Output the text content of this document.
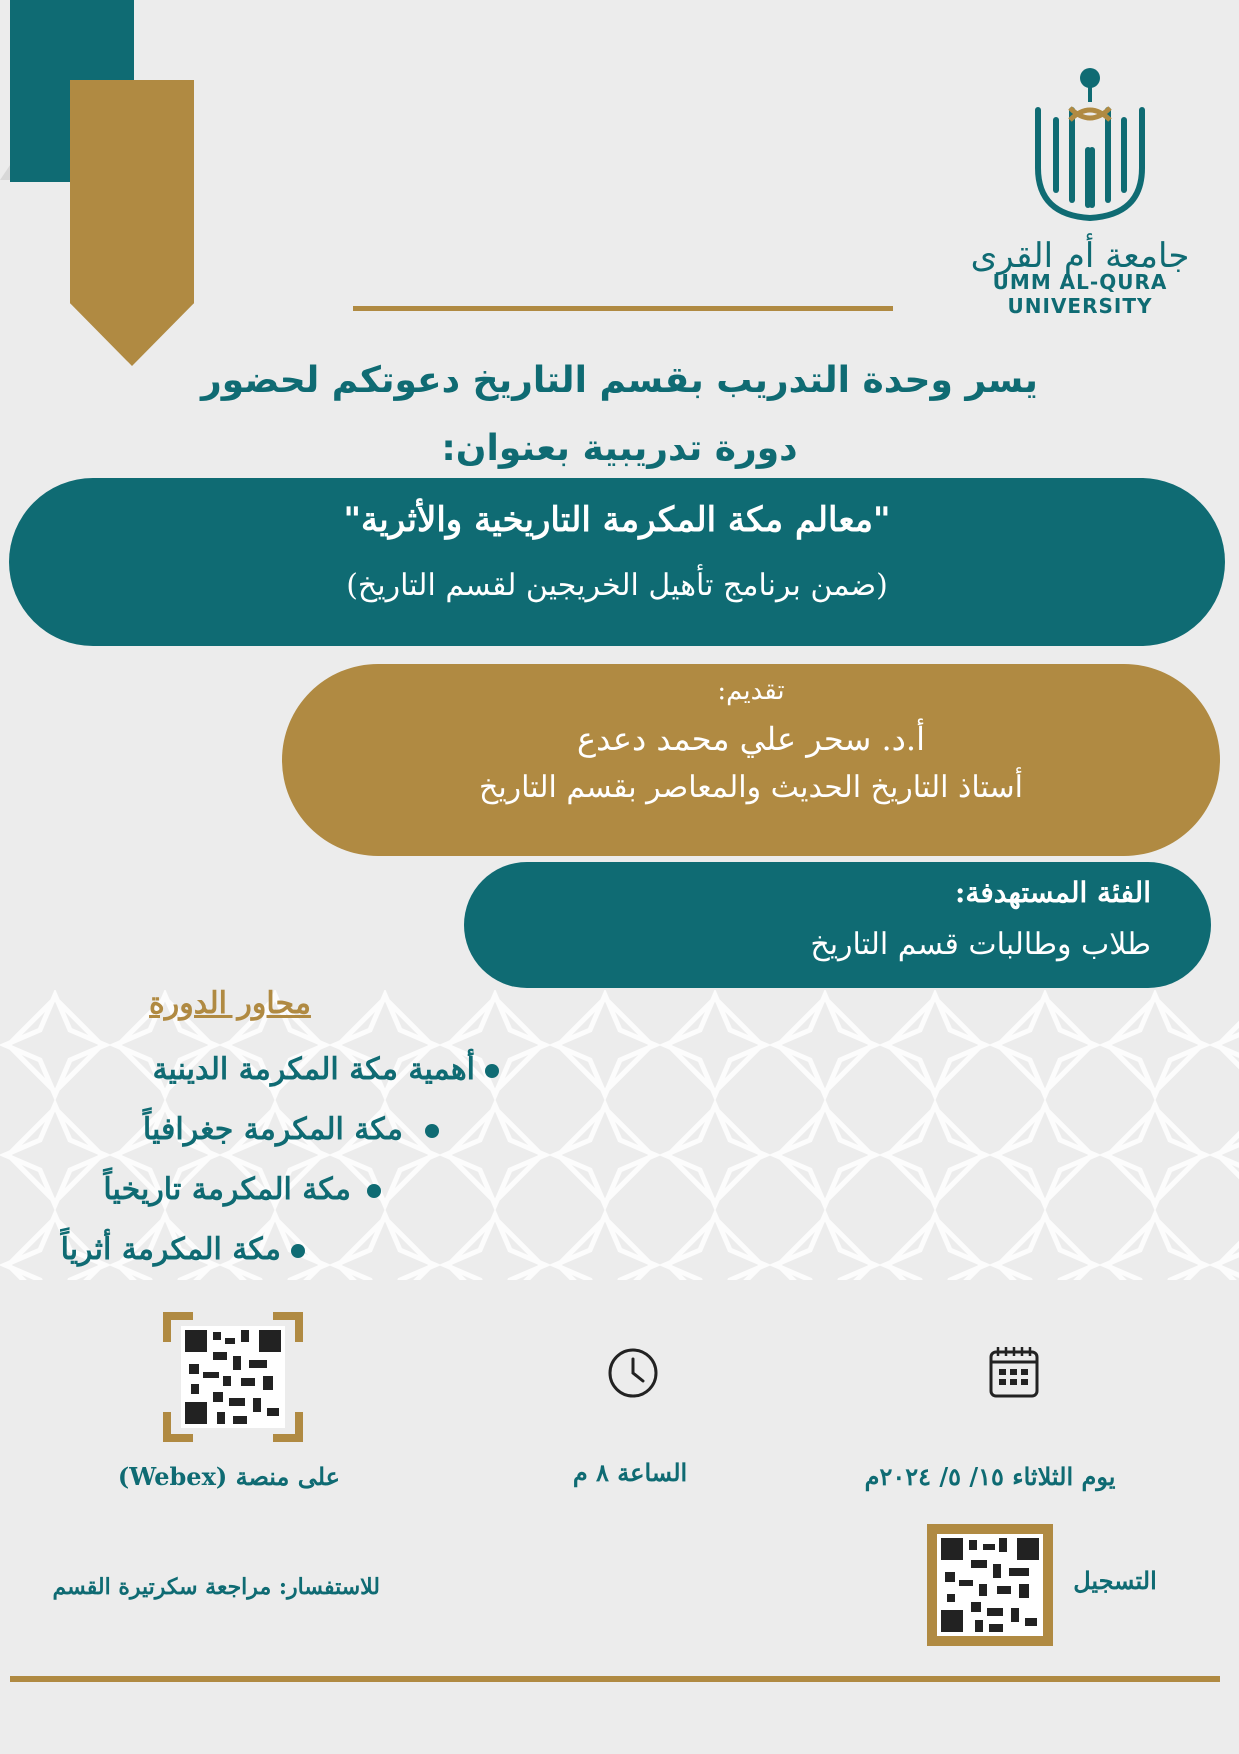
جامعة أم القرى
UMM AL-QURA UNIVERSITY
يسر وحدة التدريب بقسم التاريخ دعوتكم لحضور
دورة تدريبية بعنوان:
"معالم مكة المكرمة التاريخية والأثرية"
(ضمن برنامج تأهيل الخريجين لقسم التاريخ)
تقديم:
أ.د. سحر علي محمد دعدع
أستاذ التاريخ الحديث والمعاصر بقسم التاريخ
الفئة المستهدفة:
طلاب وطالبات قسم التاريخ
محاور الدورة
أهمية مكة المكرمة الدينية
مكة المكرمة جغرافياً
مكة المكرمة تاريخياً
مكة المكرمة أثرياً
على منصة (Webex)	الساعة ٨ م	يوم الثلاثاء ١٥/ ٥/ ٢٠٢٤م
التسجيل
للاستفسار: مراجعة سكرتيرة القسم
